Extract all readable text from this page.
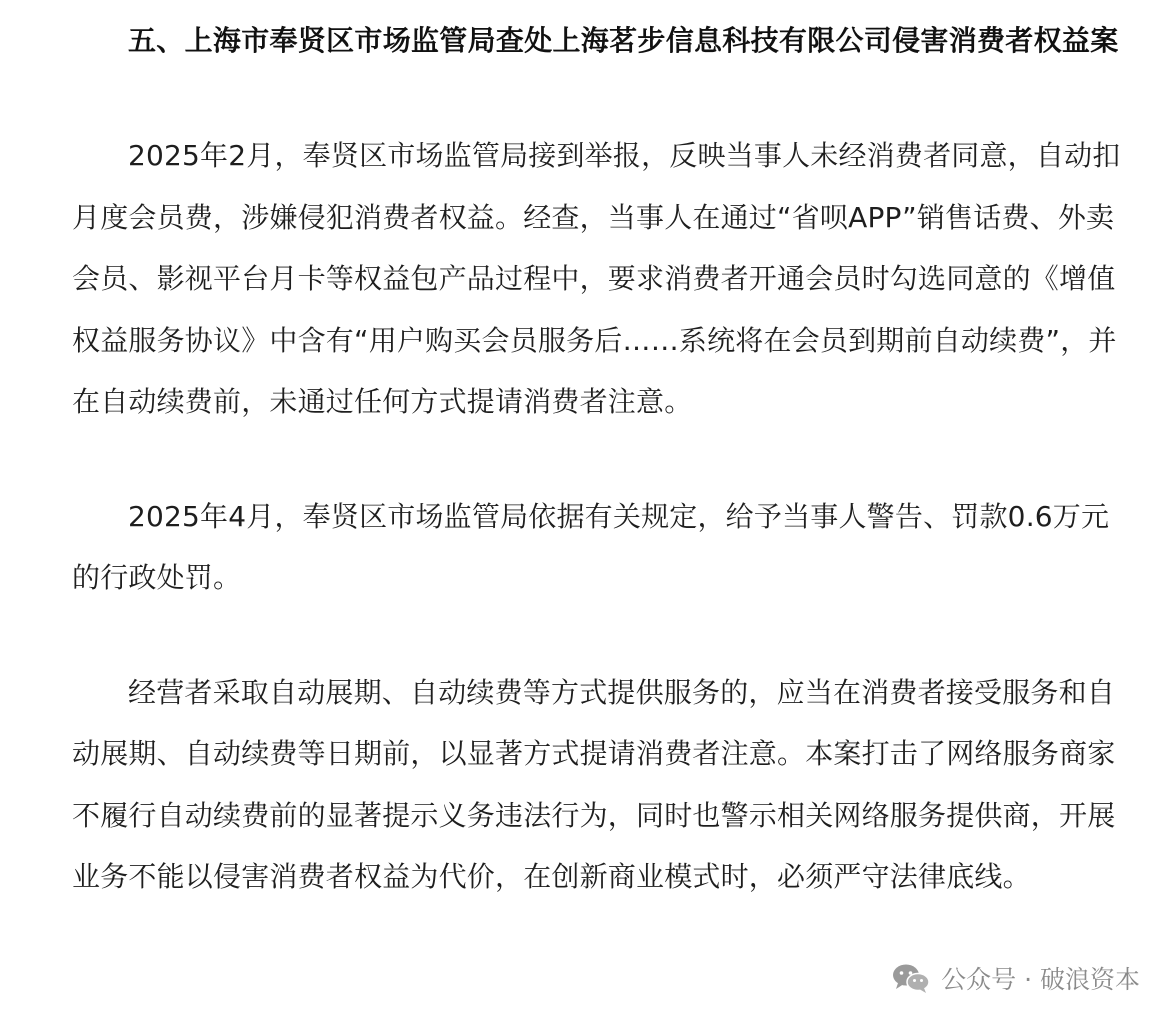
五、上海市奉贤区市场监管局查处上海茗步信息科技有限公司侵害消费者权益案

2025年2月，奉贤区市场监管局接到举报，反映当事人未经消费者同意，自动扣月度会员费，涉嫌侵犯消费者权益。经查，当事人在通过“省呗APP”销售话费、外卖会员、影视平台月卡等权益包产品过程中，要求消费者开通会员时勾选同意的《增值权益服务协议》中含有“用户购买会员服务后……系统将在会员到期前自动续费”，并在自动续费前，未通过任何方式提请消费者注意。

2025年4月，奉贤区市场监管局依据有关规定，给予当事人警告、罚款0.6万元的行政处罚。

经营者采取自动展期、自动续费等方式提供服务的，应当在消费者接受服务和自动展期、自动续费等日期前，以显著方式提请消费者注意。本案打击了网络服务商家不履行自动续费前的显著提示义务违法行为，同时也警示相关网络服务提供商，开展业务不能以侵害消费者权益为代价，在创新商业模式时，必须严守法律底线。

公众号 · 破浪资本
